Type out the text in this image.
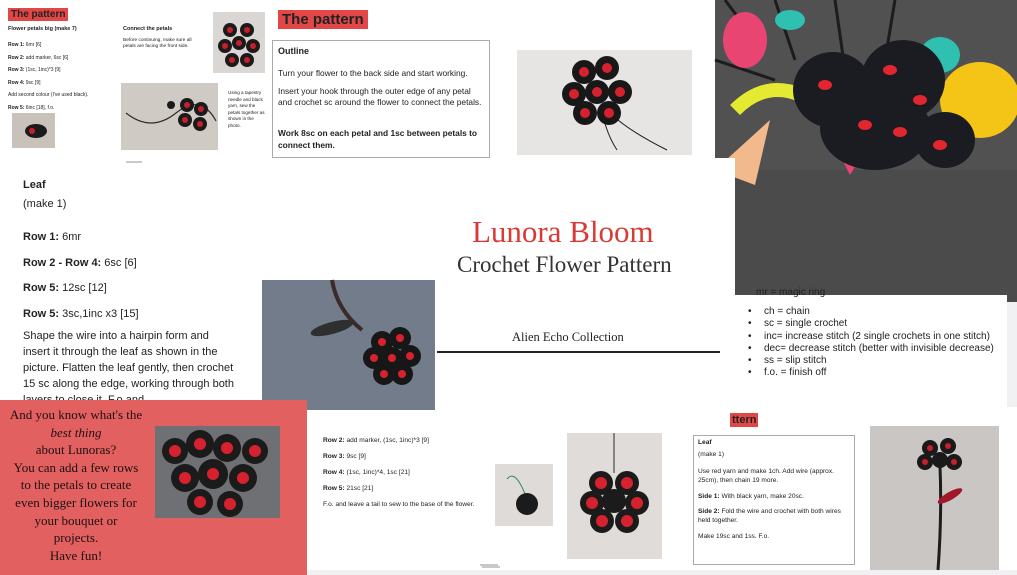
The pattern
Flower petals big (make 7)
Row 1: 6mr [6]
Row 2: add marker, 6sc [6]
Row 3: (1sc, 1inc)*3 [9]
Row 4: 9sc [9]
Add second colour (I've used black).
Row 5: 6inc [18], f.o.
Connect the petals
Before continuing, make sure all petals are facing the front side.
Using a tapestry needle and black yarn, sew the petals together as shown in the photo.
The pattern
Outline
Turn your flower to the back side and start working.
Insert your hook through the outer edge of any petal and crochet sc around the flower to connect the petals.
Work 8sc on each petal and 1sc between petals to connect them.
Leaf
(make 1)
Row 1: 6mr
Row 2 - Row 4: 6sc [6]
Row 5: 12sc [12]
Row 5: 3sc,1inc x3 [15]
Shape the wire into a hairpin form and insert it through the leaf as shown in the picture. Flatten the leaf gently, then crochet 15 sc along the edge, working through both
Lunora Bloom
Crochet Flower Pattern
Alien Echo Collection
mr = magic ring
• ch = chain
• sc = single crochet
• inc= increase stitch (2 single crochets in one stitch)
• dec= decrease stitch (better with invisible decrease)
• ss = slip stitch
• f.o. = finish off
And you know what's the
best thing
about Lunoras?
You can add a few rows
to the petals to create
even bigger flowers for
your bouquet or
projects.
Have fun!
Row 2: add marker, (1sc, 1inc)*3 [9]
Row 3: 9sc [9]
Row 4: (1sc, 1inc)*4, 1sc [21]
Row 5: 21sc [21]
F.o. and leave a tail to sew to the base of the flower.
ttern
Leaf
(make 1)
Use red yarn and make 1ch. Add wire (approx. 25cm), then chain 19 more.
Side 1: With black yarn, make 20sc.
Side 2: Fold the wire and crochet with both wires held together.
Make 19sc and 1ss. F.o.
